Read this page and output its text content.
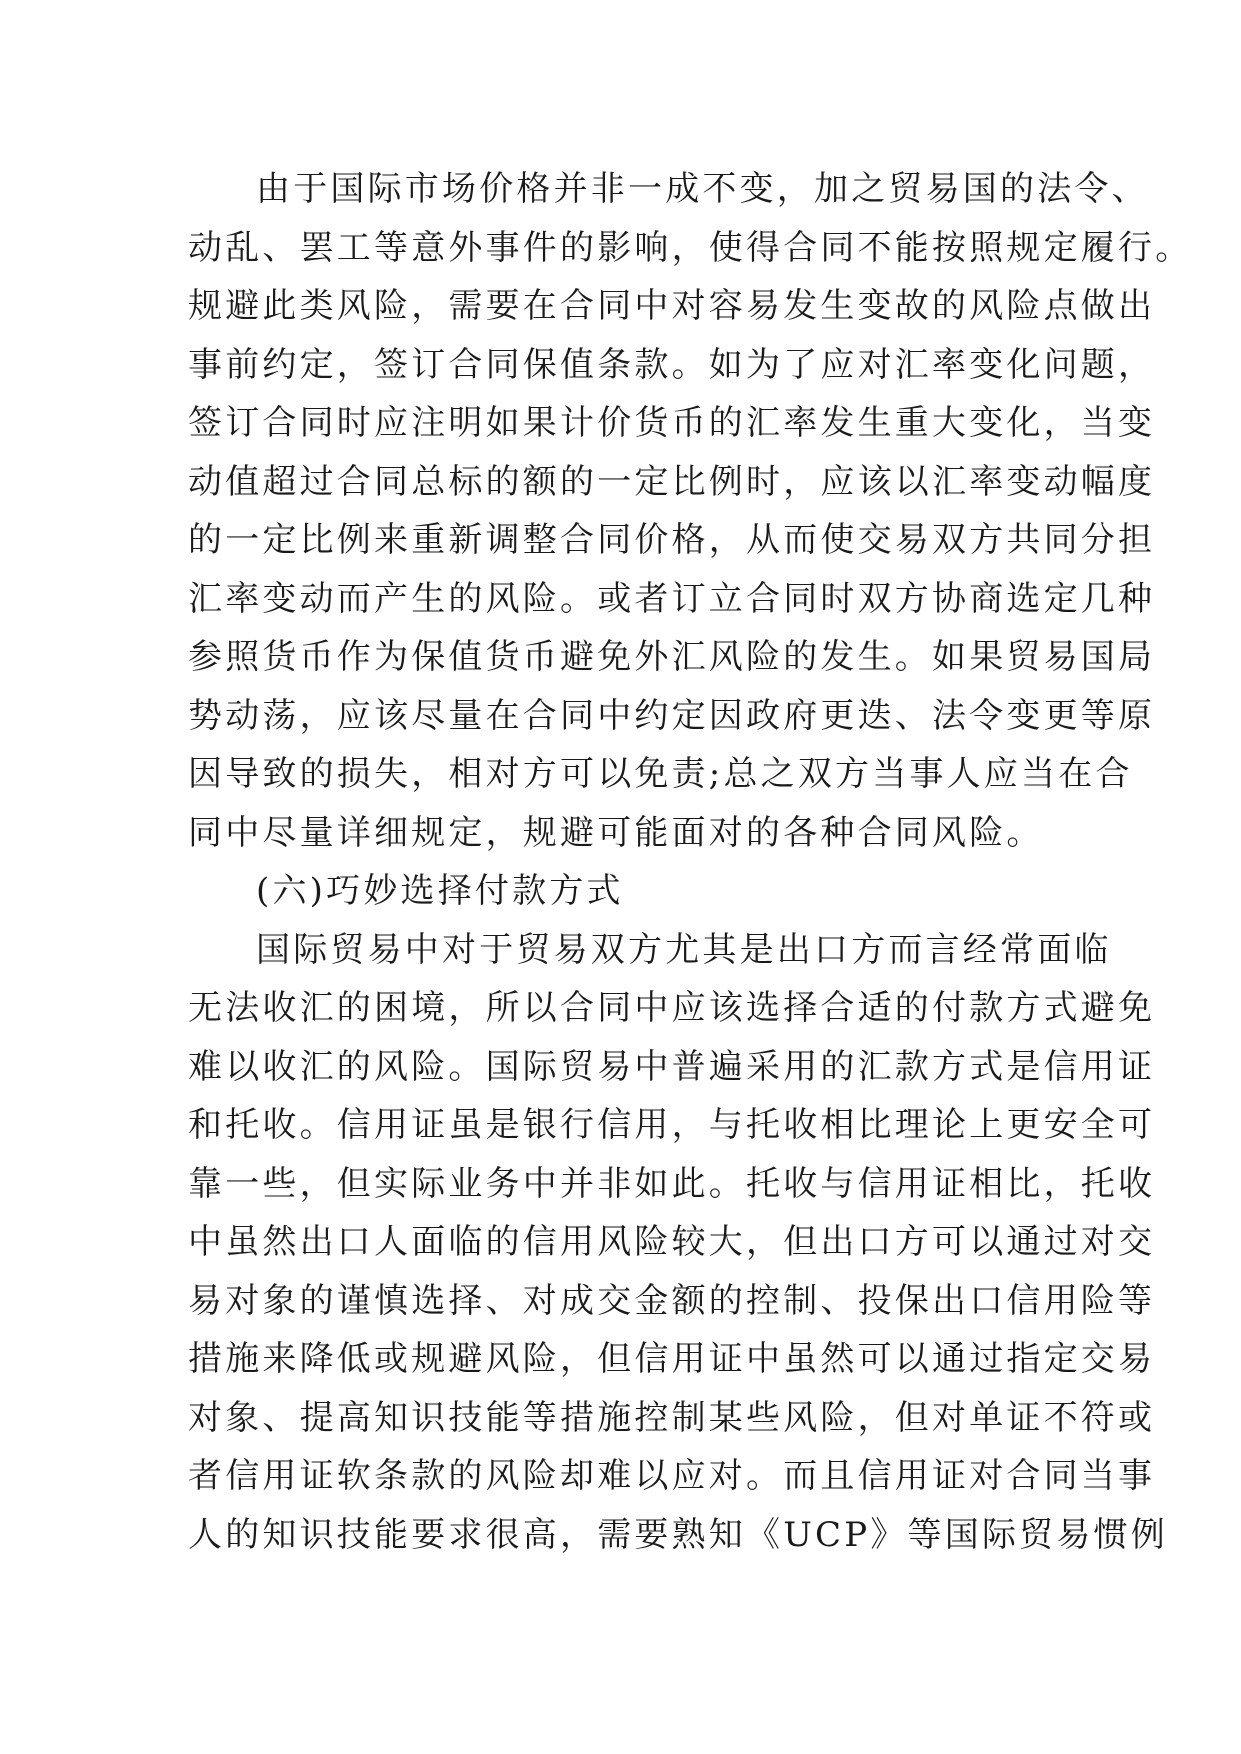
由于国际市场价格并非一成不变，加之贸易国的法令、
动乱、罢工等意外事件的影响，使得合同不能按照规定履行。
规避此类风险，需要在合同中对容易发生变故的风险点做出
事前约定，签订合同保值条款。如为了应对汇率变化问题，
签订合同时应注明如果计价货币的汇率发生重大变化，当变
动值超过合同总标的额的一定比例时，应该以汇率变动幅度
的一定比例来重新调整合同价格，从而使交易双方共同分担
汇率变动而产生的风险。或者订立合同时双方协商选定几种
参照货币作为保值货币避免外汇风险的发生。如果贸易国局
势动荡，应该尽量在合同中约定因政府更迭、法令变更等原
因导致的损失，相对方可以免责;总之双方当事人应当在合
同中尽量详细规定，规避可能面对的各种合同风险。
(六)巧妙选择付款方式
国际贸易中对于贸易双方尤其是出口方而言经常面临
无法收汇的困境，所以合同中应该选择合适的付款方式避免
难以收汇的风险。国际贸易中普遍采用的汇款方式是信用证
和托收。信用证虽是银行信用，与托收相比理论上更安全可
靠一些，但实际业务中并非如此。托收与信用证相比，托收
中虽然出口人面临的信用风险较大，但出口方可以通过对交
易对象的谨慎选择、对成交金额的控制、投保出口信用险等
措施来降低或规避风险，但信用证中虽然可以通过指定交易
对象、提高知识技能等措施控制某些风险，但对单证不符或
者信用证软条款的风险却难以应对。而且信用证对合同当事
人的知识技能要求很高，需要熟知《UCP》等国际贸易惯例
